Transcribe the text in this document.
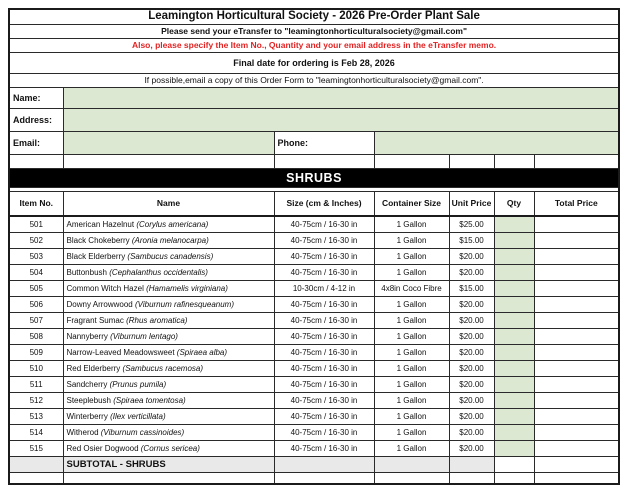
Leamington Horticultural Society - 2026 Pre-Order Plant Sale						
Please send your eTransfer to "leamingtonhorticulturalsociety@gmail.com"						
Also, please specify the Item No., Quantity and your email address in the eTransfer memo.						
Final date for ordering is Feb 28, 2026						
If possible,email a copy of this Order Form to "leamingtonhorticulturalsociety@gmail.com".						
Name:						
Address:						
Email:		Phone:				

SHRUBS						

Item No.	Name	Size (cm & Inches)	Container Size	Unit Price	Qty	Total Price
501	American Hazelnut (Corylus americana)	40-75cm / 16-30 in	1 Gallon	$25.00		
502	Black Chokeberry (Aronia melanocarpa)	40-75cm / 16-30 in	1 Gallon	$15.00		
503	Black Elderberry (Sambucus canadensis)	40-75cm / 16-30 in	1 Gallon	$20.00		
504	Buttonbush (Cephalanthus occidentalis)	40-75cm / 16-30 in	1 Gallon	$20.00		
505	Common Witch Hazel (Hamamelis virginiana)	10-30cm / 4-12 in	4x8in Coco Fibre	$15.00		
506	Downy Arrowwood (Viburnum rafinesqueanum)	40-75cm / 16-30 in	1 Gallon	$20.00		
507	Fragrant Sumac (Rhus aromatica)	40-75cm / 16-30 in	1 Gallon	$20.00		
508	Nannyberry (Viburnum lentago)	40-75cm / 16-30 in	1 Gallon	$20.00		
509	Narrow-Leaved Meadowsweet (Spiraea alba)	40-75cm / 16-30 in	1 Gallon	$20.00		
510	Red Elderberry (Sambucus racemosa)	40-75cm / 16-30 in	1 Gallon	$20.00		
511	Sandcherry (Prunus pumila)	40-75cm / 16-30 in	1 Gallon	$20.00		
512	Steeplebush (Spiraea tomentosa)	40-75cm / 16-30 in	1 Gallon	$20.00		
513	Winterberry (Ilex verticillata)	40-75cm / 16-30 in	1 Gallon	$20.00		
514	Witherod (Viburnum cassinoides)	40-75cm / 16-30 in	1 Gallon	$20.00		
515	Red Osier Dogwood (Cornus sericea)	40-75cm / 16-30 in	1 Gallon	$20.00		
	SUBTOTAL - SHRUBS					
